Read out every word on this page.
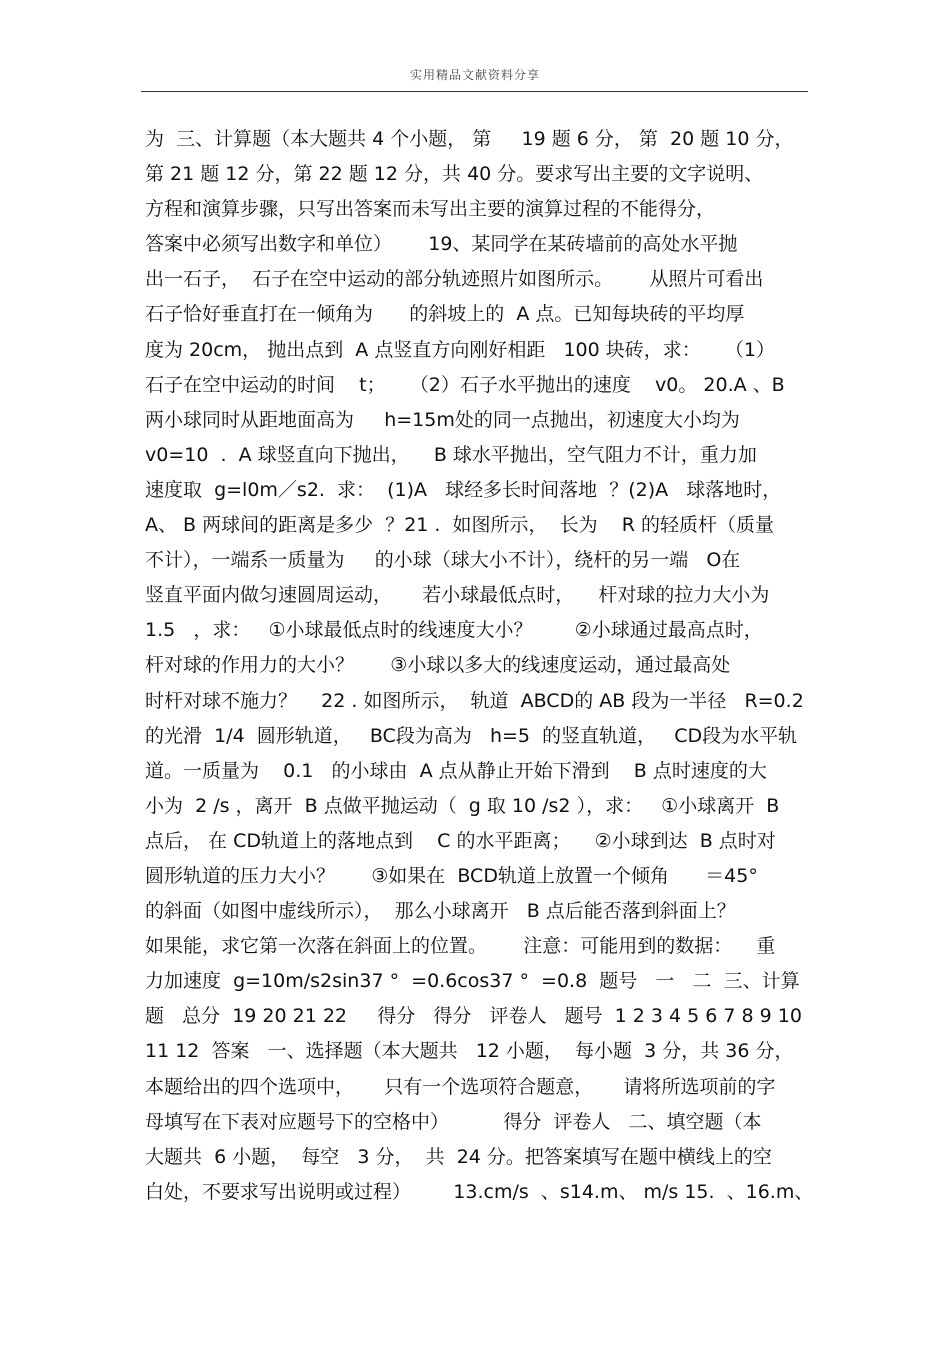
实用精品文献资料分享
为  三、计算题（本大题共 4 个小题， 第     19 题 6 分， 第  20 题 10 分，
第 21 题 12 分，第 22 题 12 分，共 40 分。要求写出主要的文字说明、
方程和演算步骤，只写出答案而未写出主要的演算过程的不能得分，
答案中必须写出数字和单位）      19、某同学在某砖墙前的高处水平抛
出一石子，  石子在空中运动的部分轨迹照片如图所示。      从照片可看出
石子恰好垂直打在一倾角为      的斜坡上的  A 点。已知每块砖的平均厚
度为 20cm， 抛出点到  A 点竖直方向刚好相距   100 块砖，求：    （1）
石子在空中运动的时间    t；    （2）石子水平抛出的速度    v0。 20.A 、B
两小球同时从距地面高为     h=15m处的同一点抛出，初速度大小均为
v0=10  .  A 球竖直向下抛出，    B 球水平抛出，空气阻力不计，重力加
速度取  g=l0m／s2.  求：  (1)A   球经多长时间落地  ？(2)A   球落地时，
A、 B 两球间的距离是多少  ？21 .  如图所示，  长为    R 的轻质杆（质量
不计），一端系一质量为     的小球（球大小不计），绕杆的另一端   O在
竖直平面内做匀速圆周运动，     若小球最低点时，    杆对球的拉力大小为
1.5   ，求：   ①小球最低点时的线速度大小？       ②小球通过最高点时，
杆对球的作用力的大小？      ③小球以多大的线速度运动，通过最高处
时杆对球不施力？    22 . 如图所示，  轨道  ABCD的 AB 段为一半径   R=0.2
的光滑  1/4  圆形轨道，   BC段为高为   h=5  的竖直轨道，   CD段为水平轨
道。一质量为    0.1   的小球由  A 点从静止开始下滑到    B 点时速度的大
小为  2 /s ，离开  B 点做平抛运动（  g 取 10 /s2 ），求：   ①小球离开  B
点后， 在 CD轨道上的落地点到    C 的水平距离；    ②小球到达  B 点时对
圆形轨道的压力大小？      ③如果在  BCD轨道上放置一个倾角      ＝45°
的斜面（如图中虚线所示），  那么小球离开   B 点后能否落到斜面上？
如果能，求它第一次落在斜面上的位置。      注意：可能用到的数据：    重
力加速度  g=10m/s2sin37 °  =0.6cos37 °  =0.8  题号   一   二  三、计算
题   总分  19 20 21 22     得分   得分   评卷人   题号  1 2 3 4 5 6 7 8 9 10
11 12  答案   一、选择题（本大题共   12 小题，  每小题  3 分，共 36 分，
本题给出的四个选项中，     只有一个选项符合题意，     请将所选项前的字
母填写在下表对应题号下的空格中）         得分  评卷人   二、填空题（本
大题共  6 小题，  每空   3 分，  共  24 分。把答案填写在题中横线上的空
白处，不要求写出说明或过程）       13.cm/s  、s14.m、 m/s 15.  、16.m、
